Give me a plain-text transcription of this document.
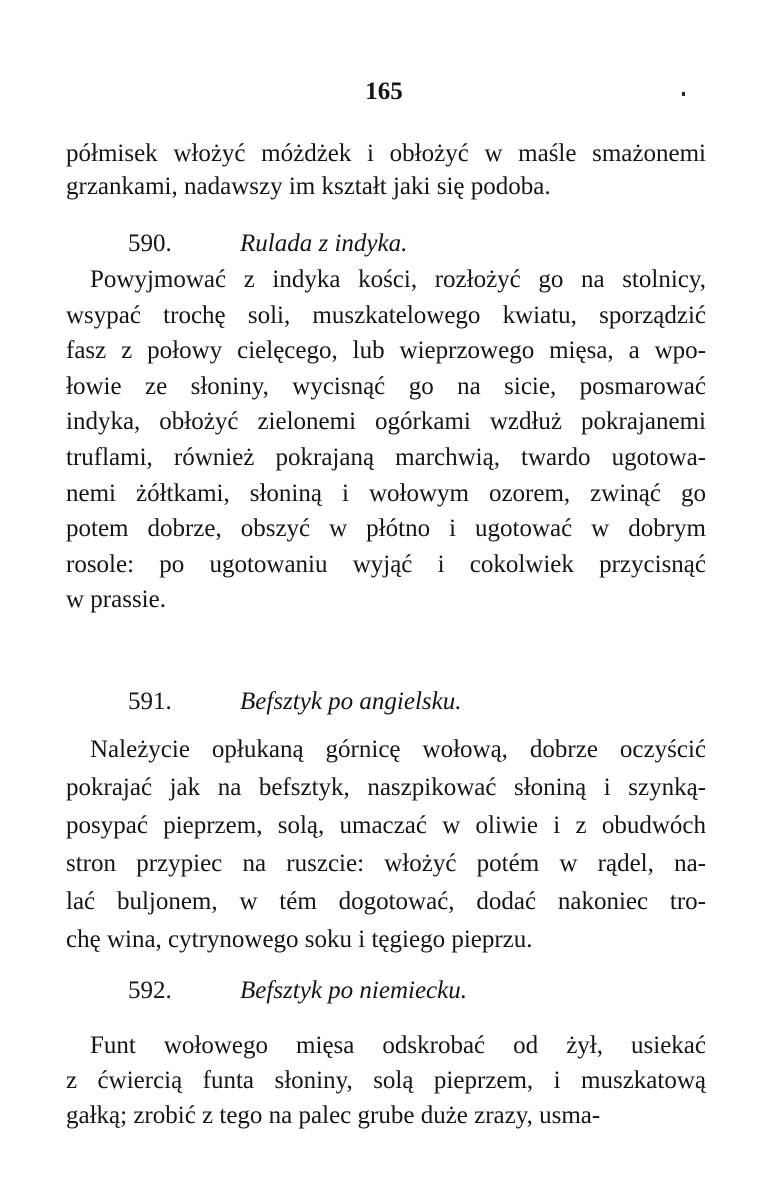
165
półmisek włożyć móżdżek i obłożyć w maśle smażonemi
grzankami, nadawszy im kształt jaki się podoba.
590.	Rulada z indyka.
Powyjmować z indyka kości, rozłożyć go na stolnicy,
wsypać trochę soli, muszkatelowego kwiatu, sporządzić
fasz z połowy cielęcego, lub wieprzowego mięsa, a wpo-
łowie ze słoniny, wycisnąć go na sicie, posmarować
indyka, obłożyć zielonemi ogórkami wzdłuż pokrajanemi
truflami, również pokrajaną marchwią, twardo ugotowa-
nemi żółtkami, słoniną i wołowym ozorem, zwinąć go
potem dobrze, obszyć w płótno i ugotować w dobrym
rosole: po ugotowaniu wyjąć i cokolwiek przycisnąć
w prassie.
591.	Befsztyk po angielsku.
Należycie opłukaną górnicę wołową, dobrze oczyścić
pokrajać jak na befsztyk, naszpikować słoniną i szynką-
posypać pieprzem, solą, umaczać w oliwie i z obudwóch
stron przypiec na ruszcie: włożyć potém w rądel, na-
lać buljonem, w tém dogotować, dodać nakoniec tro-
chę wina, cytrynowego soku i tęgiego pieprzu.
592.	Befsztyk po niemiecku.
Funt wołowego mięsa odskrobać od żył, usiekać
z ćwiercią funta słoniny, solą pieprzem, i muszkatową
gałką; zrobić z tego na palec grube duże zrazy, usma-
